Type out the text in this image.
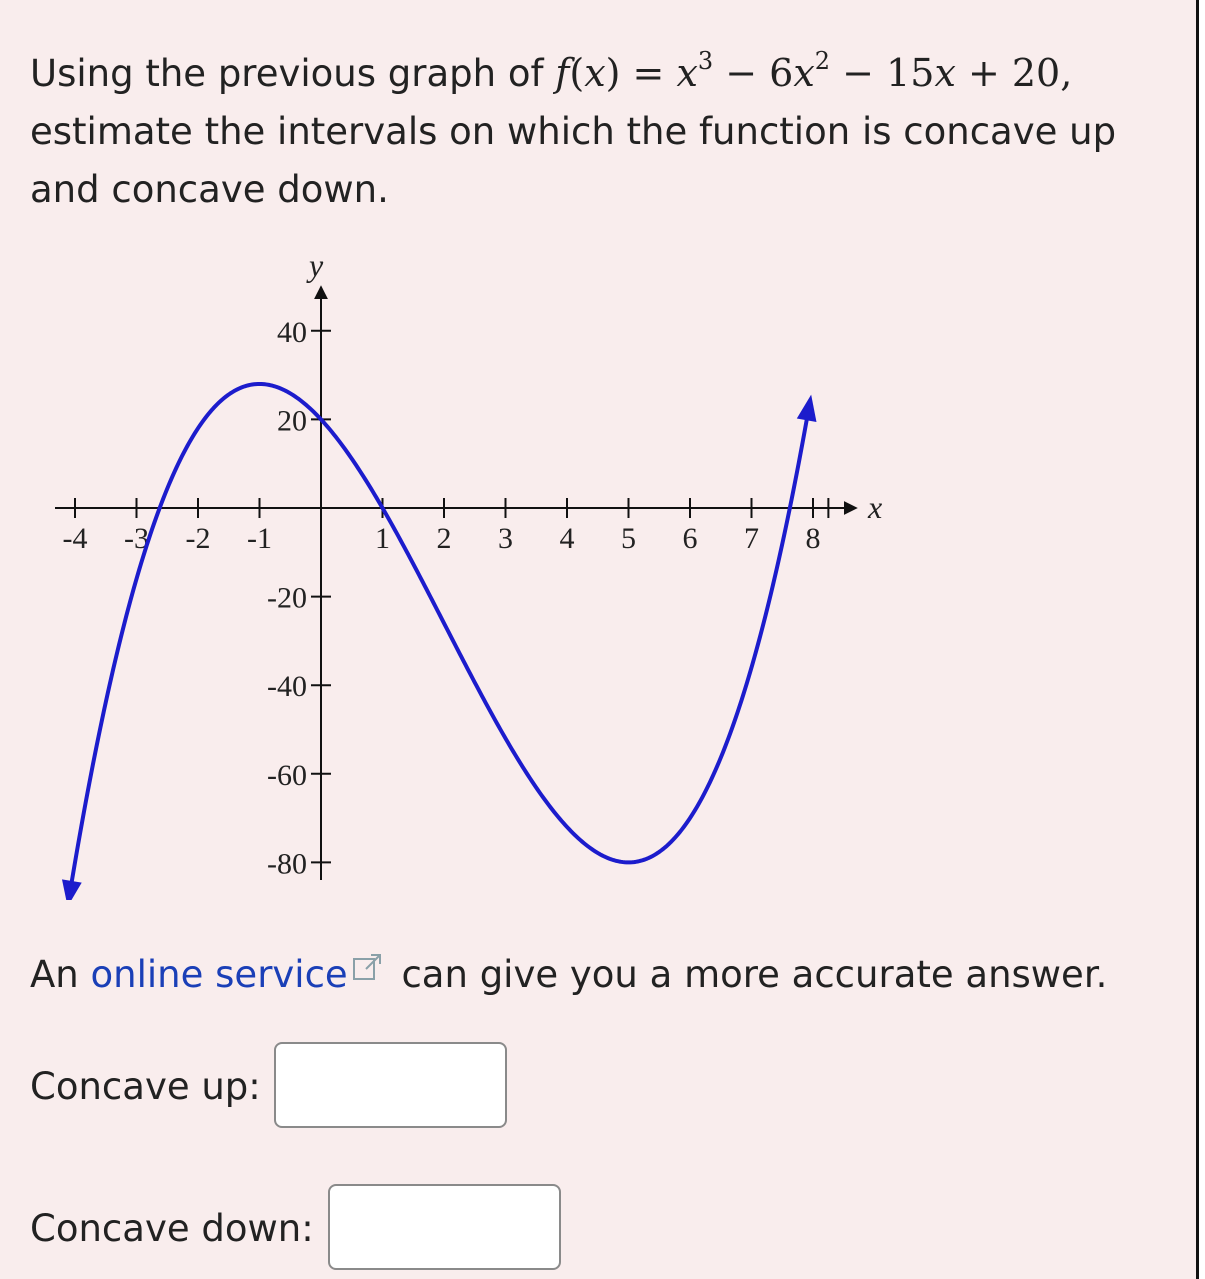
Using the previous graph of $f(x) = x^3 - 6x^2 - 15x + 20$, estimate the intervals on which the function is concave up and concave down.

x
y
-4 -3 -2 -1	1 2 3 4 5 6 7 8
-80
-60
-40
-20
20
40

An online service can give you a more accurate answer.

Concave up:
Concave down:
